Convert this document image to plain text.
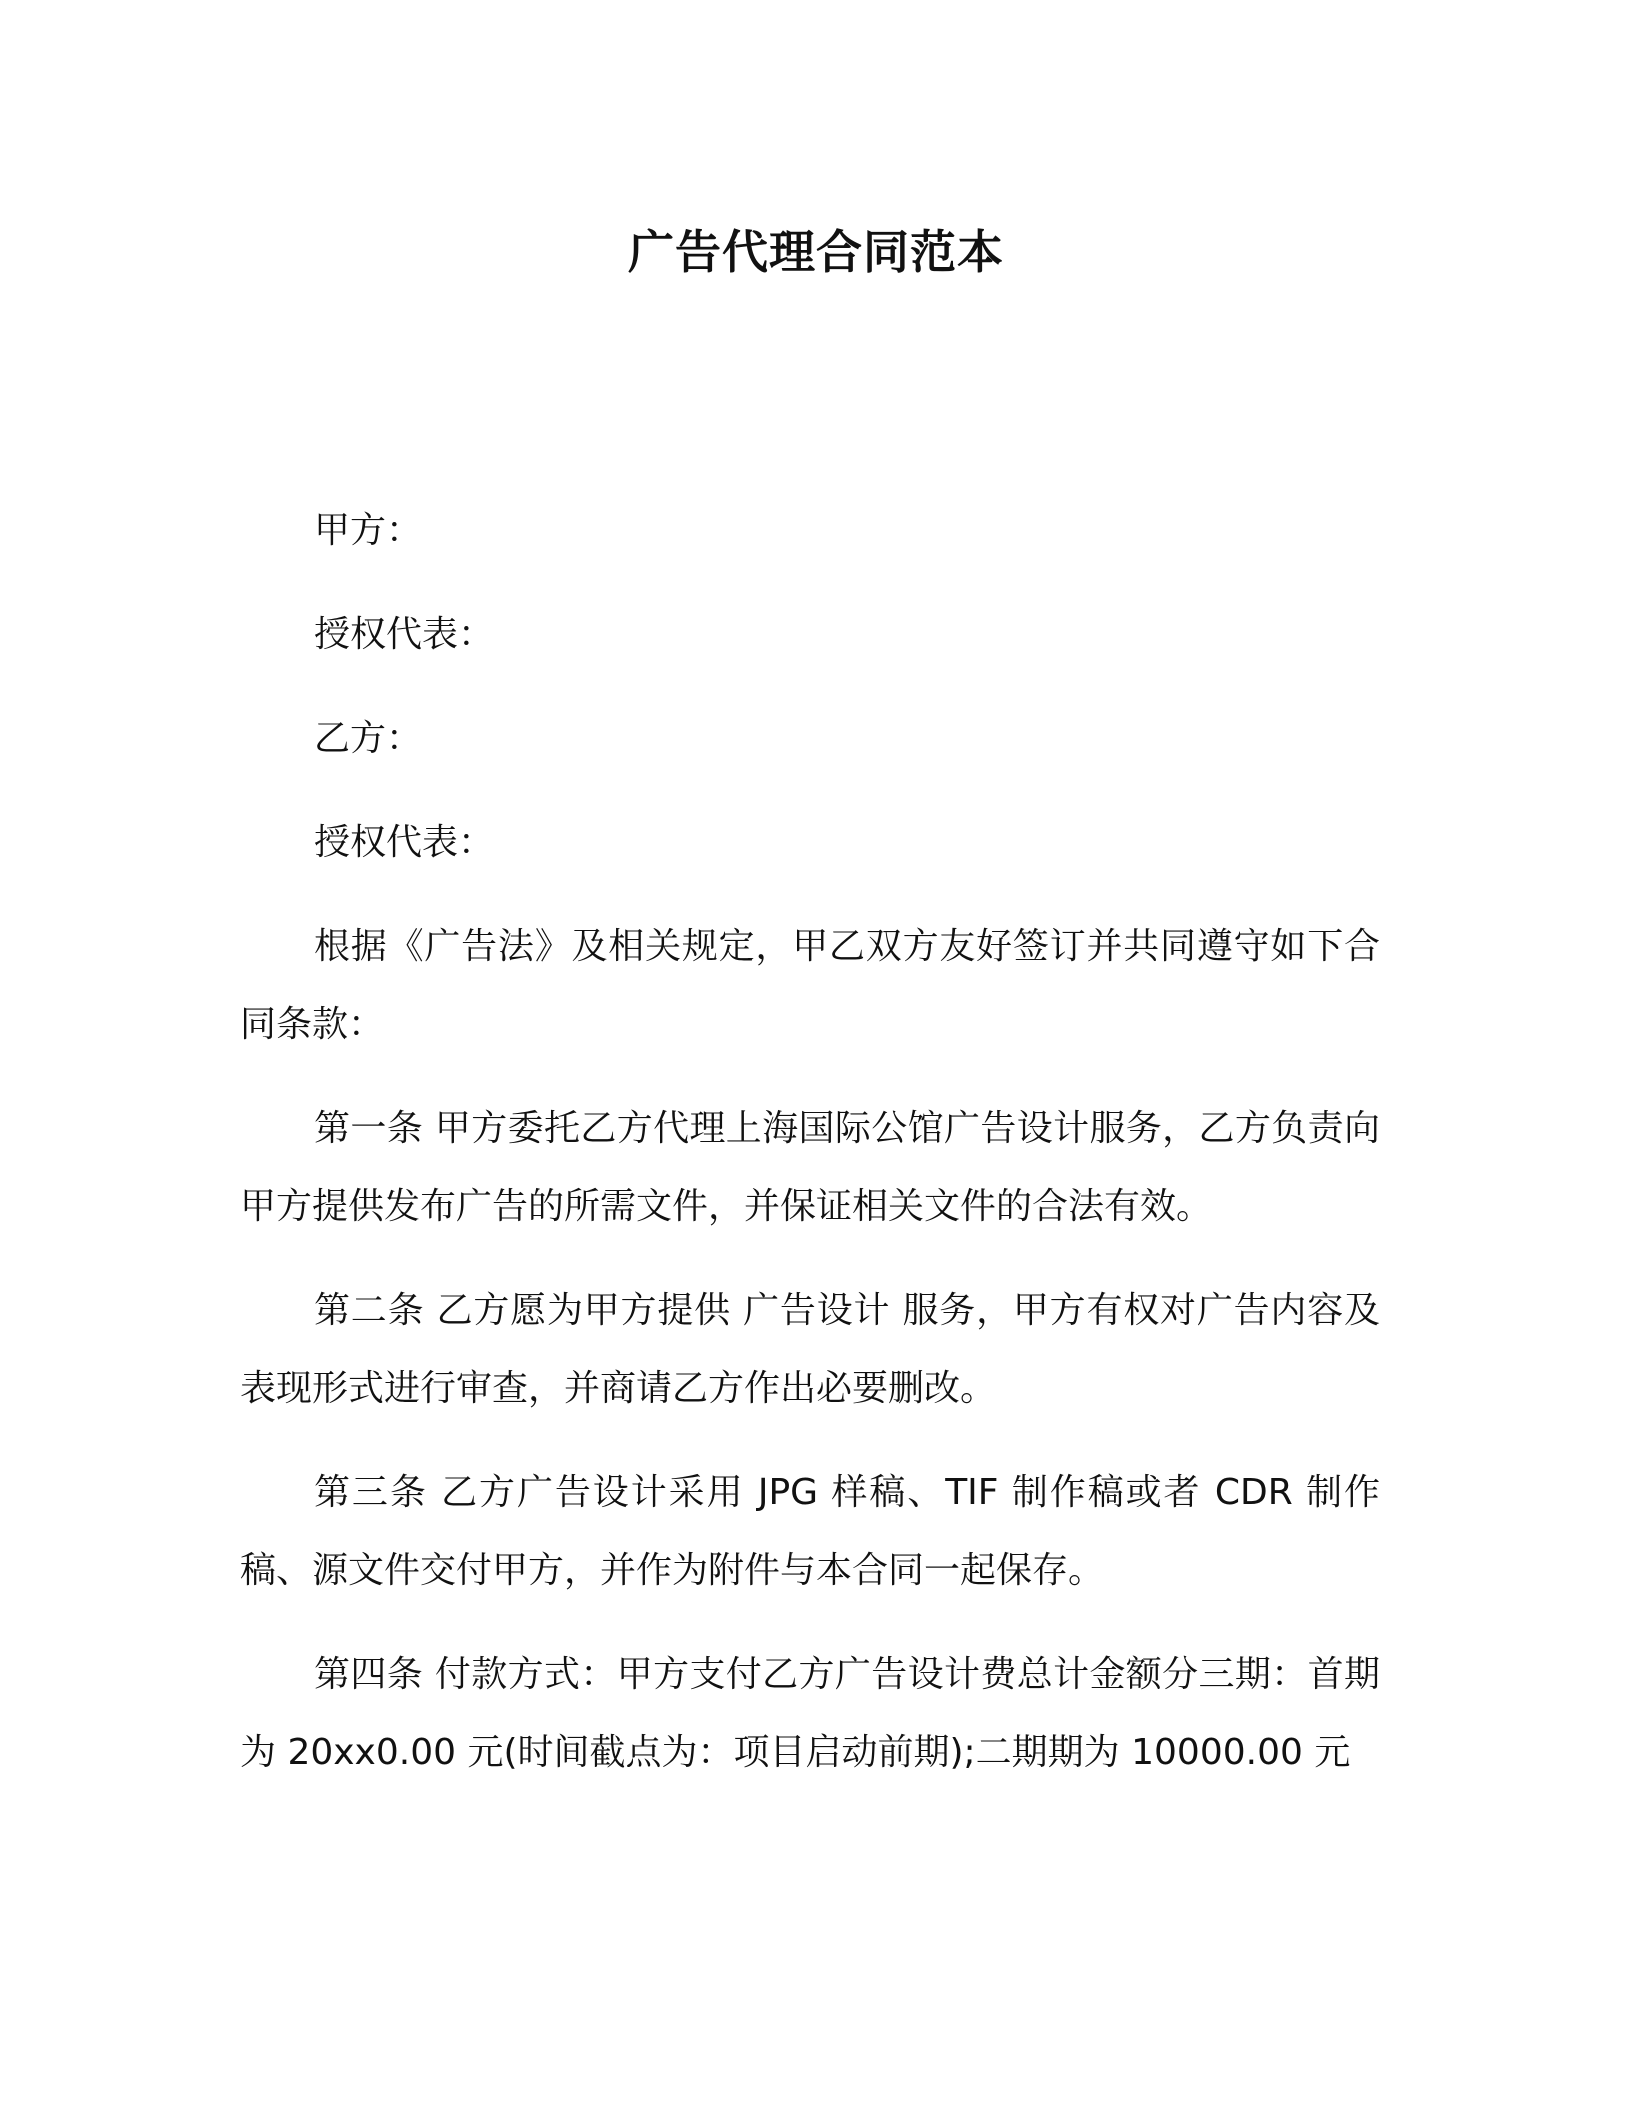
广告代理合同范本

甲方：

授权代表：

乙方：

授权代表：

根据《广告法》及相关规定，甲乙双方友好签订并共同遵守如下合同条款：

第一条 甲方委托乙方代理上海国际公馆广告设计服务，乙方负责向甲方提供发布广告的所需文件，并保证相关文件的合法有效。

第二条 乙方愿为甲方提供 广告设计 服务，甲方有权对广告内容及表现形式进行审查，并商请乙方作出必要删改。

第三条 乙方广告设计采用 JPG 样稿、TIF 制作稿或者 CDR 制作稿、源文件交付甲方，并作为附件与本合同一起保存。

第四条 付款方式：甲方支付乙方广告设计费总计金额分三期：首期为 20xx0.00 元(时间截点为：项目启动前期);二期期为 10000.00 元
